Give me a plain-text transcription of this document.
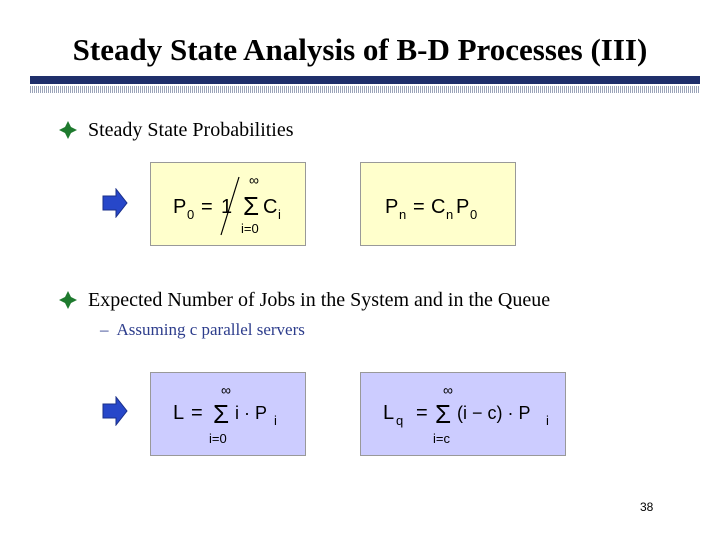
Steady State Analysis of B-D Processes (III)
Steady State Probabilities
P 0 = 1
∞
Σ
i=0
C i	P n = C n P 0
Expected Number of Jobs in the System and in the Queue
– Assuming c parallel servers
L =
∞
Σ
i=0
i · P i	L q =
∞
Σ
i=c
(i − c) · P i
38
